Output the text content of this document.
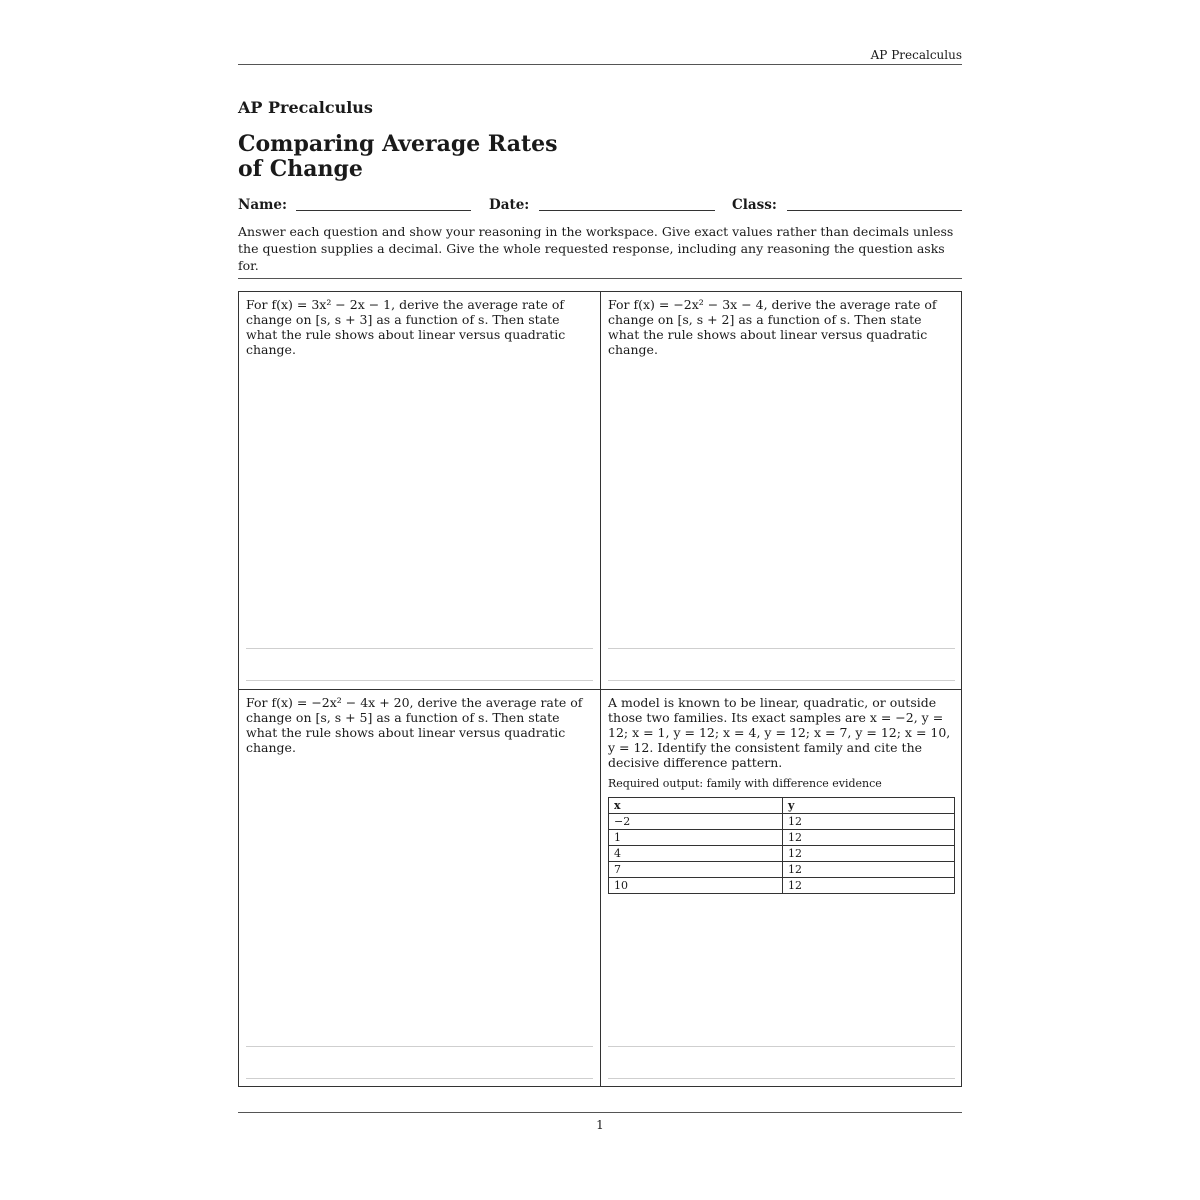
AP Precalculus
AP Precalculus
Comparing Average Rates of Change
Name:	Date:	Class:

Answer each question and show your reasoning in the workspace. Give exact values rather than decimals unless the question supplies a decimal. Give the whole requested response, including any reasoning the question asks for.

For f(x) = 3x² − 2x − 1, derive the average rate of change on [s, s + 3] as a function of s. Then state what the rule shows about linear versus quadratic change.

For f(x) = −2x² − 3x − 4, derive the average rate of change on [s, s + 2] as a function of s. Then state what the rule shows about linear versus quadratic change.

For f(x) = −2x² − 4x + 20, derive the average rate of change on [s, s + 5] as a function of s. Then state what the rule shows about linear versus quadratic change.

A model is known to be linear, quadratic, or outside those two families. Its exact samples are x = −2, y = 12; x = 1, y = 12; x = 4, y = 12; x = 7, y = 12; x = 10, y = 12. Identify the consistent family and cite the decisive difference pattern.

Required output: family with difference evidence

x	y
−2	12
1	12
4	12
7	12
10	12
1
